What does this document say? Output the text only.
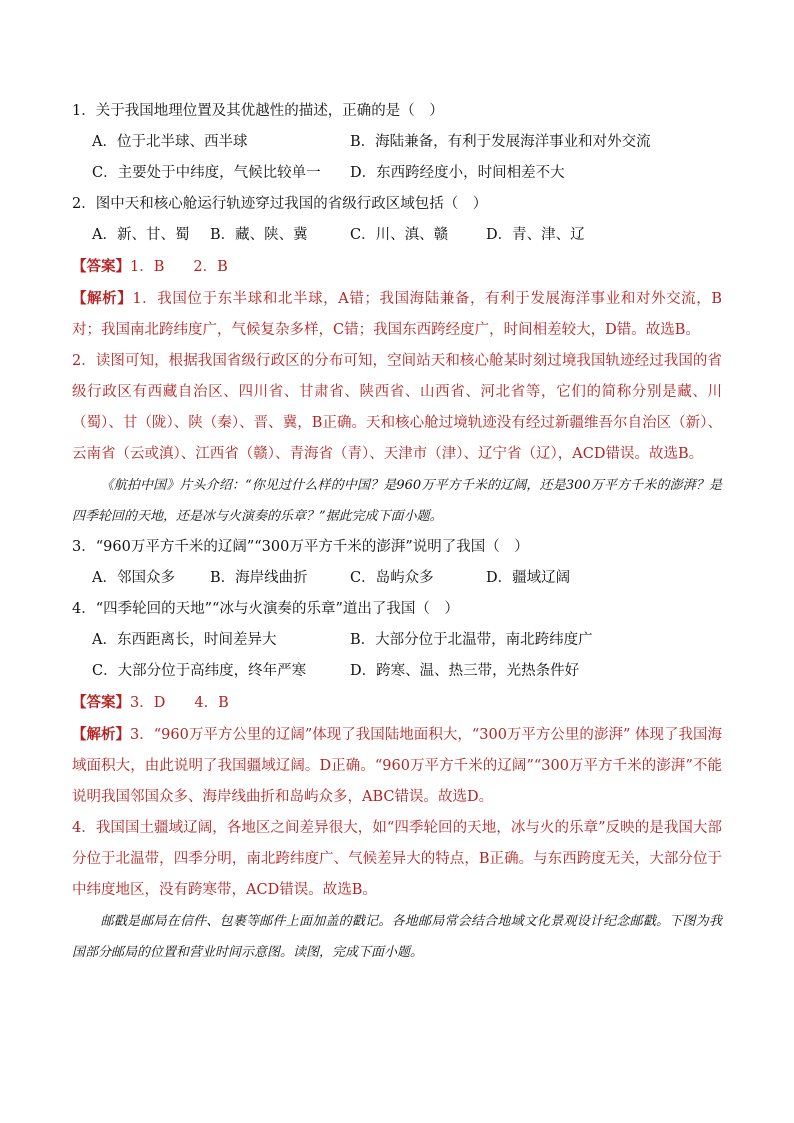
1．关于我国地理位置及其优越性的描述，正确的是（　）
A．位于北半球、西半球	B．海陆兼备，有利于发展海洋事业和对外交流
C．主要处于中纬度，气候比较单一	D．东西跨经度小，时间相差不大
2．图中天和核心舱运行轨迹穿过我国的省级行政区域包括（　）
A．新、甘、蜀	B．藏、陕、冀	C．川、滇、赣	D．青、津、辽
【答案】1．B　　2．B
【解析】1．我国位于东半球和北半球，A错；我国海陆兼备，有利于发展海洋事业和对外交流，B对；我国南北跨纬度广，气候复杂多样，C错；我国东西跨经度广，时间相差较大，D错。故选B。
2．读图可知，根据我国省级行政区的分布可知，空间站天和核心舱某时刻过境我国轨迹经过我国的省级行政区有西藏自治区、四川省、甘肃省、陕西省、山西省、河北省等，它们的简称分别是藏、川（蜀）、甘（陇）、陕（秦）、晋、冀，B正确。天和核心舱过境轨迹没有经过新疆维吾尔自治区（新）、云南省（云或滇）、江西省（赣）、青海省（青）、天津市（津）、辽宁省（辽），ACD错误。故选B。
《航拍中国》片头介绍：“你见过什么样的中国？是960万平方千米的辽阔，还是300万平方千米的澎湃？是四季轮回的天地，还是冰与火演奏的乐章？”据此完成下面小题。
3．“960万平方千米的辽阔”“300万平方千米的澎湃”说明了我国（　）
A．邻国众多	B．海岸线曲折	C．岛屿众多	D．疆域辽阔
4．“四季轮回的天地”“冰与火演奏的乐章”道出了我国（　）
A．东西距离长，时间差异大	B．大部分位于北温带，南北跨纬度广
C．大部分位于高纬度，终年严寒	D．跨寒、温、热三带，光热条件好
【答案】3．D　　4．B
【解析】3．“960万平方公里的辽阔”体现了我国陆地面积大，“300万平方公里的澎湃” 体现了我国海域面积大，由此说明了我国疆域辽阔。D正确。“960万平方千米的辽阔”“300万平方千米的澎湃”不能说明我国邻国众多、海岸线曲折和岛屿众多，ABC错误。故选D。
4．我国国土疆域辽阔，各地区之间差异很大，如“四季轮回的天地，冰与火的乐章”反映的是我国大部分位于北温带，四季分明，南北跨纬度广、气候差异大的特点，B正确。与东西跨度无关，大部分位于中纬度地区，没有跨寒带，ACD错误。故选B。
邮戳是邮局在信件、包裹等邮件上面加盖的戳记。各地邮局常会结合地域文化景观设计纪念邮戳。下图为我国部分邮局的位置和营业时间示意图。读图，完成下面小题。
